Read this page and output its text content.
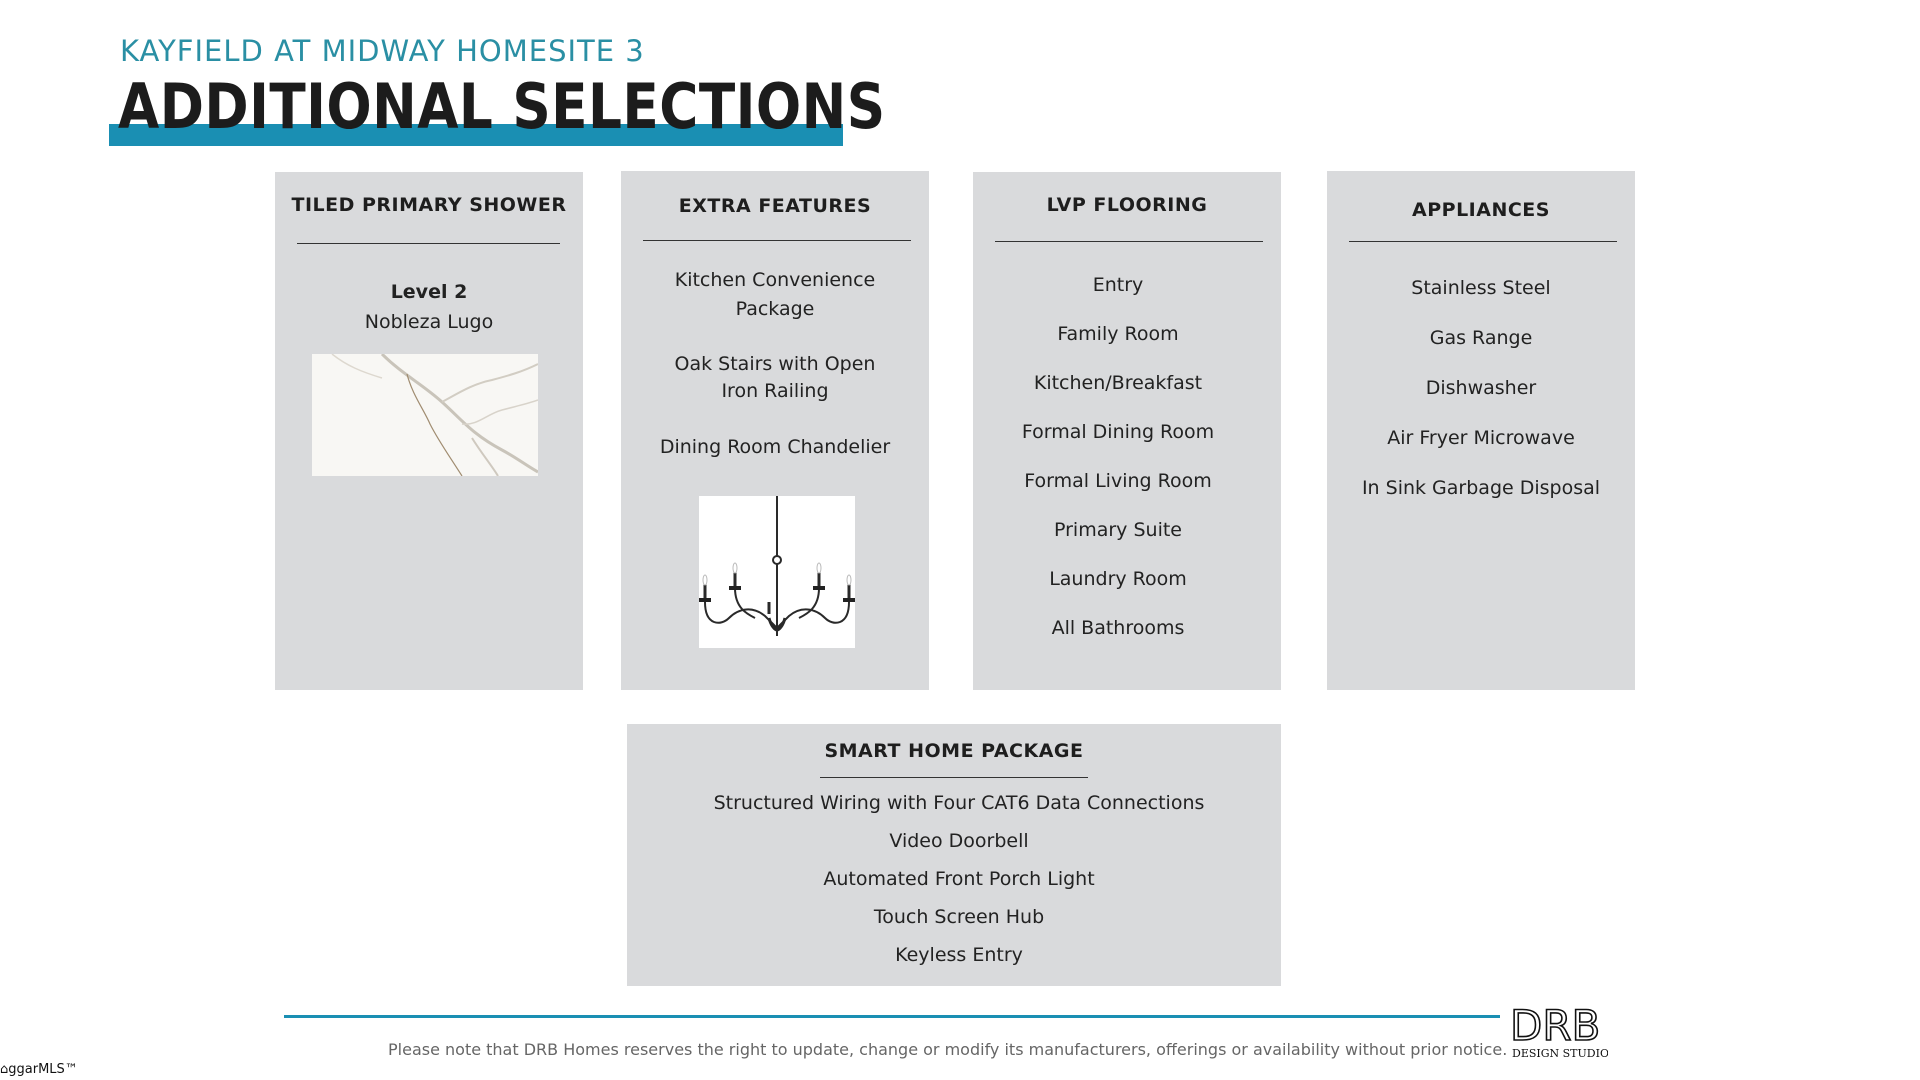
KAYFIELD AT MIDWAY HOMESITE 3
ADDITIONAL SELECTIONS
TILED PRIMARY SHOWER
Level 2
Nobleza Lugo
EXTRA FEATURES
Kitchen Convenience
Package
Oak Stairs with Open
Iron Railing
Dining Room Chandelier
LVP FLOORING
Entry
Family Room
Kitchen/Breakfast
Formal Dining Room
Formal Living Room
Primary Suite
Laundry Room
All Bathrooms
APPLIANCES
Stainless Steel
Gas Range
Dishwasher
Air Fryer Microwave
In Sink Garbage Disposal
SMART HOME PACKAGE
Structured Wiring with Four CAT6 Data Connections
Video Doorbell
Automated Front Porch Light
Touch Screen Hub
Keyless Entry
Please note that DRB Homes reserves the right to update, change or modify its manufacturers, offerings or availability without prior notice. DRB
DESIGN STUDIO
⌂ggarMLS™
